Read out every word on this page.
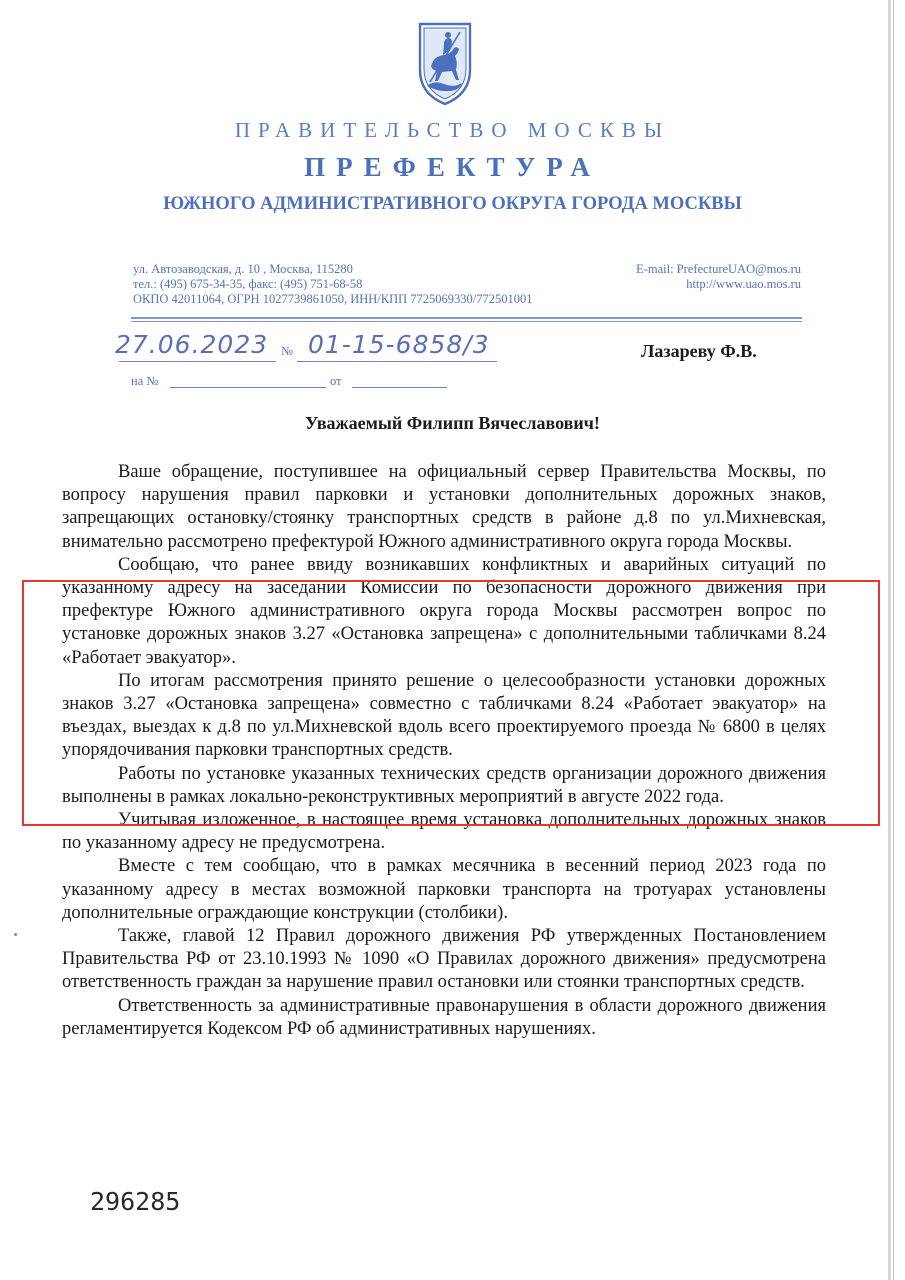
ПРАВИТЕЛЬСТВО МОСКВЫ
ПРЕФЕКТУРА
ЮЖНОГО АДМИНИСТРАТИВНОГО ОКРУГА ГОРОДА МОСКВЫ
ул. Автозаводская, д. 10 , Москва, 115280
тел.: (495) 675-34-35, факс: (495) 751-68-58
ОКПО 42011064, ОГРН 1027739861050, ИНН/КПП 7725069330/772501001
E-mail: PrefectureUAO@mos.ru
http://www.uao.mos.ru
27.06.2023 № 01-15-6858/3
на №	от
Лазареву Ф.В.
Уважаемый Филипп Вячеславович!

Ваше обращение, поступившее на официальный сервер Правительства Москвы, по вопросу нарушения правил парковки и установки дополнительных дорожных знаков, запрещающих остановку/стоянку транспортных средств в районе д.8 по ул.Михневская, внимательно рассмотрено префектурой Южного административного округа города Москвы.

Сообщаю, что ранее ввиду возникавших конфликтных и аварийных ситуаций по указанному адресу на заседании Комиссии по безопасности дорожного движения при префектуре Южного административного округа города Москвы рассмотрен вопрос по установке дорожных знаков 3.27 «Остановка запрещена» с дополнительными табличками 8.24 «Работает эвакуатор».

По итогам рассмотрения принято решение о целесообразности установки дорожных знаков 3.27 «Остановка запрещена» совместно с табличками 8.24 «Работает эвакуатор» на въездах, выездах к д.8 по ул.Михневской вдоль всего проектируемого проезда № 6800 в целях упорядочивания парковки транспортных средств.

Работы по установке указанных технических средств организации дорожного движения выполнены в рамках локально-реконструктивных мероприятий в августе 2022 года.

Учитывая изложенное, в настоящее время установка дополнительных дорожных знаков по указанному адресу не предусмотрена.

Вместе с тем сообщаю, что в рамках месячника в весенний период 2023 года по указанному адресу в местах возможной парковки транспорта на тротуарах установлены дополнительные ограждающие конструкции (столбики).

Также, главой 12 Правил дорожного движения РФ утвержденных Постановлением Правительства РФ от 23.10.1993 № 1090 «О Правилах дорожного движения» предусмотрена ответственность граждан за нарушение правил остановки или стоянки транспортных средств.

Ответственность за административные правонарушения в области дорожного движения регламентируется Кодексом РФ об административных нарушениях.

296285
